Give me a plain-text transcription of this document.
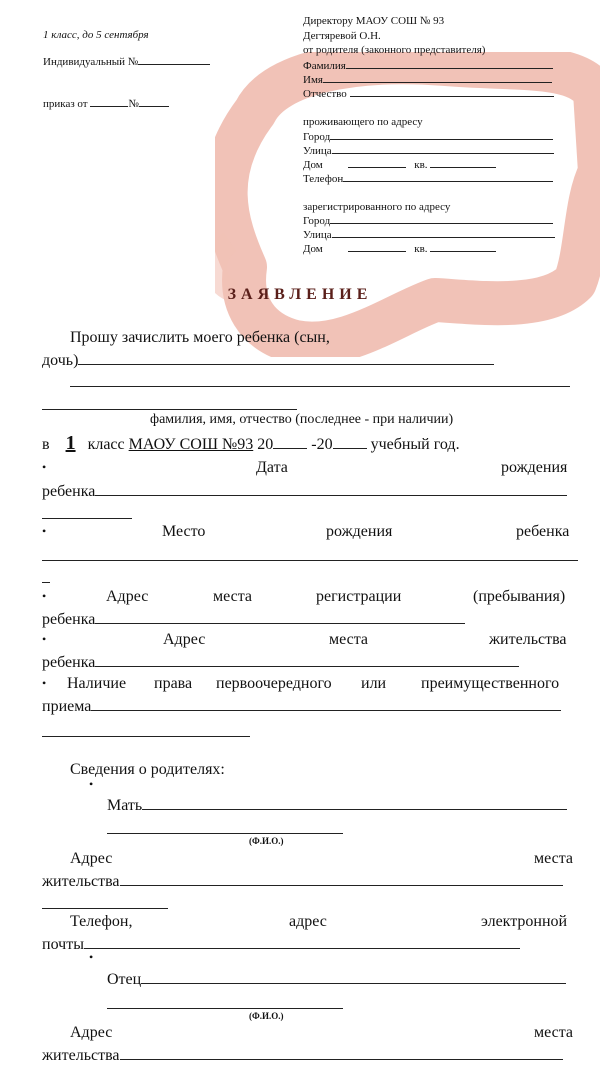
1 класс, до 5 сентября
Индивидуальный №
приказ от	№
Директору МАОУ СОШ № 93
Дегтяревой О.Н.
от родителя (законного представителя)
Фамилия
Имя
Отчество
проживающего по адресу
Город
Улица
Дом	кв.
Телефон
зарегистрированного по адресу
Город
Улица
Дом	кв.
ЗАЯВЛЕНИЕ
Прошу зачислить моего ребенка (сын,
дочь)
фамилия, имя, отчество (последнее - при наличии)
в 1 класс МАОУ СОШ №93 20 -20 учебный год.
•	Дата	рождения
ребенка
•	Место	рождения	ребенка
•	Адрес	места	регистрации	(пребывания)
ребенка
•	Адрес	места	жительства
ребенка
• Наличие права первоочередного или преимущественного
приема
Сведения о родителях:
•
Мать
(Ф.И.О.)
Адрес	места
жительства
Телефон,	адрес	электронной
почты
•
Отец
(Ф.И.О.)
Адрес	места
жительства
